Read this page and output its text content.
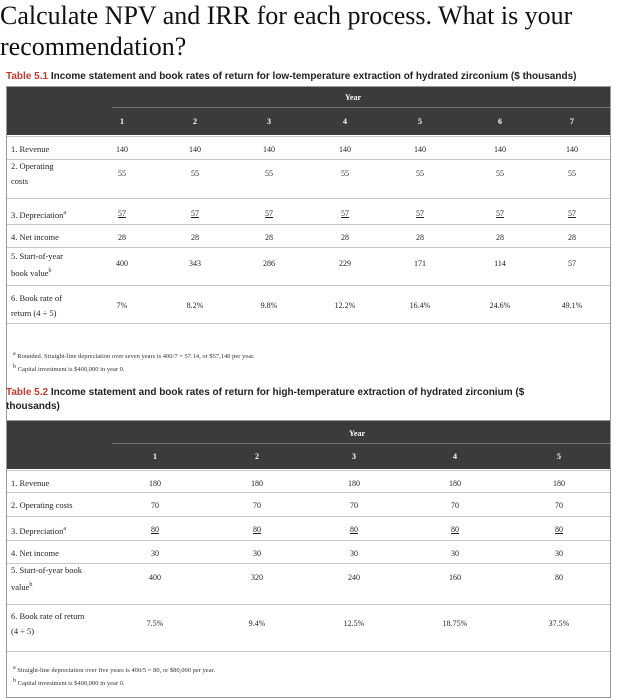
Calculate NPV and IRR for each process. What is your
recommendation?
Table 5.1 Income statement and book rates of return for low-temperature extraction of hydrated zirconium ($ thousands)
Year
1	2	3	4	5	6	7
1. Revenue	140	140	140	140	140	140	140
2. Operating
costs
55	55	55	55	55	55	55
3. Depreciation$^a$	57	57	57	57	57	57	57
4. Net income	28	28	28	28	28	28	28
5. Start-of-year
book value$^b$
400	343	286	229	171	114	57
6. Book rate of
return (4 ÷ 5)
7%	8.2%	9.8%	12.2%	16.4%	24.6%	49.1%
$^a$ Rounded. Straight-line depreciation over seven years is 400/7 = 57.14, or $57,140 per year.
$^b$ Capital investment is $400,000 in year 0.
Table 5.2 Income statement and book rates of return for high-temperature extraction of hydrated zirconium ($
thousands)
Year
1	2	3	4	5
1. Revenue	180	180	180	180	180
2. Operating costs	70	70	70	70	70
3. Depreciation$^a$	80	80	80	80	80
4. Net income	30	30	30	30	30
5. Start-of-year book
value$^b$
400	320	240	160	80
6. Book rate of return
(4 ÷ 5)
7.5%	9.4%	12.5%	18.75%	37.5%
$^a$ Straight-line depreciation over five years is 400/5 = 80, or $80,000 per year.
$^b$ Capital investment is $400,000 in year 0.
